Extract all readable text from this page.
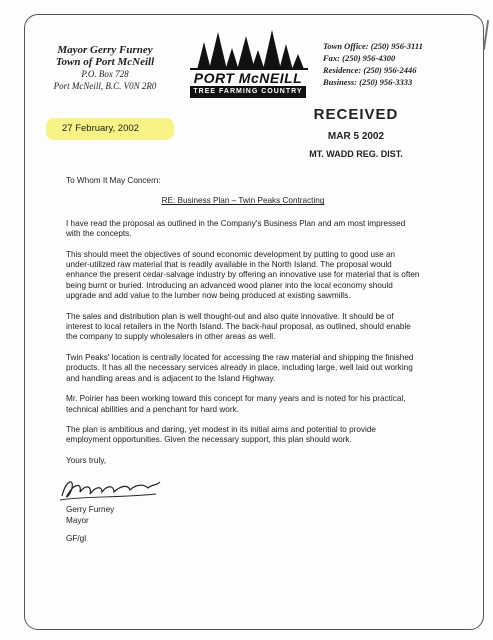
Mayor Gerry Furney
Town of Port McNeill
P.O. Box 728
Port McNeill, B.C. V0N 2R0	PORT McNEILL
TREE FARMING COUNTRY
Town Office: (250) 956-3111
Fax: (250) 956-4300
Residence: (250) 956-2446
Business: (250) 956-3333
27 February, 2002
RECEIVED
MAR 5 2002
MT. WADD REG. DIST.
To Whom It May Concern:
RE: Business Plan – Twin Peaks Contracting

I have read the proposal as outlined in the Company's Business Plan and am most impressed with the concepts.

This should meet the objectives of sound economic development by putting to good use an under-utilized raw material that is readily available in the North Island. The proposal would enhance the present cedar-salvage industry by offering an innovative use for material that is often being burnt or buried. Introducing an advanced wood planer into the local economy should upgrade and add value to the lumber now being produced at existing sawmills.

The sales and distribution plan is well thought-out and also quite innovative. It should be of interest to local retailers in the North Island. The back-haul proposal, as outlined, should enable the company to supply wholesalers in other areas as well.

Twin Peaks' location is centrally located for accessing the raw material and shipping the finished products. It has all the necessary services already in place, including large, well laid out working and handling areas and is adjacent to the Island Highway.

Mr. Poirier has been working toward this concept for many years and is noted for his practical, technical abilities and a penchant for hard work.

The plan is ambitious and daring, yet modest in its initial aims and potential to provide employment opportunities. Given the necessary support, this plan should work.

Yours truly,
Gerry Furney
Mayor
GF/gl
